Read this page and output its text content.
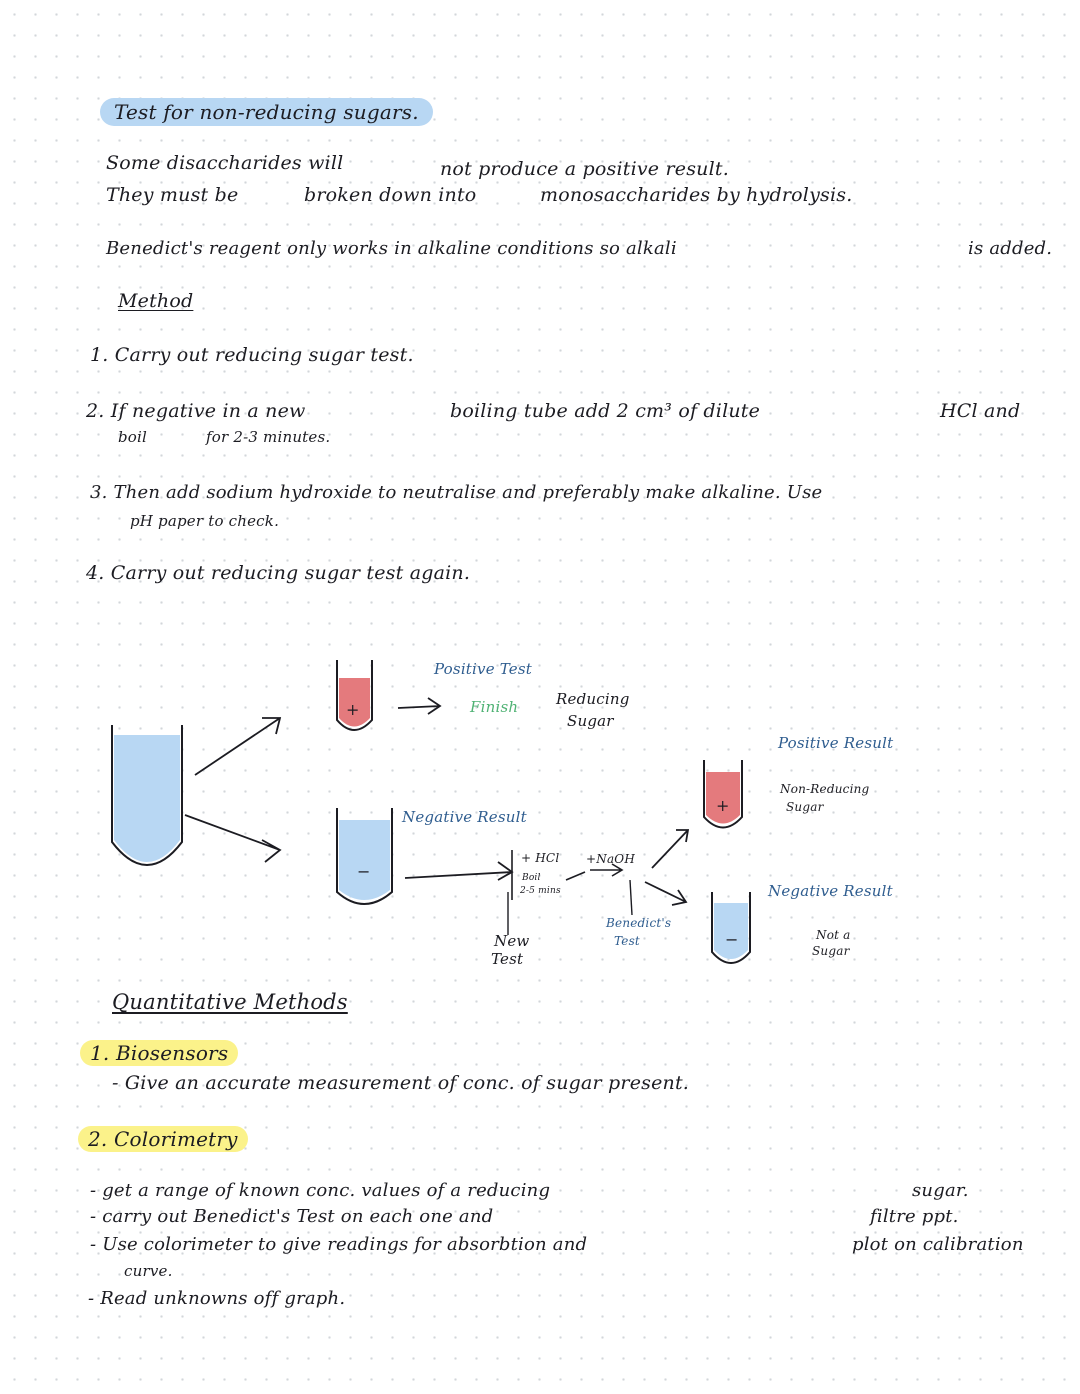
Test for non-reducing sugars.
Some disaccharides will	not produce a positive result.
They must be	broken down into	monosaccharides by hydrolysis.
Benedict's reagent only works in alkaline conditions so alkali	is added.
Method
1. Carry out reducing sugar test.
2. If negative in a new	boiling tube add 2 cm³ of dilute	HCl and
boil	for 2-3 minutes.
3. Then add sodium hydroxide to neutralise and preferably make alkaline. Use
pH paper to check.
4. Carry out reducing sugar test again.
+
−
Positive Test
Finish	Reducing
Sugar
Negative Result
+ HCl
Boil
2-5 mins
+NaOH
New
Test
Benedict's
Test
+
−
Positive Result
Non-Reducing
Sugar
Negative Result
Not a
Sugar
Quantitative Methods
1. Biosensors
- Give an accurate measurement of conc. of sugar present.
2. Colorimetry
- get a range of known conc. values of a reducing	sugar.
- carry out Benedict's Test on each one and	filtre ppt.
- Use colorimeter to give readings for absorbtion and	plot on calibration
curve.
- Read unknowns off graph.
